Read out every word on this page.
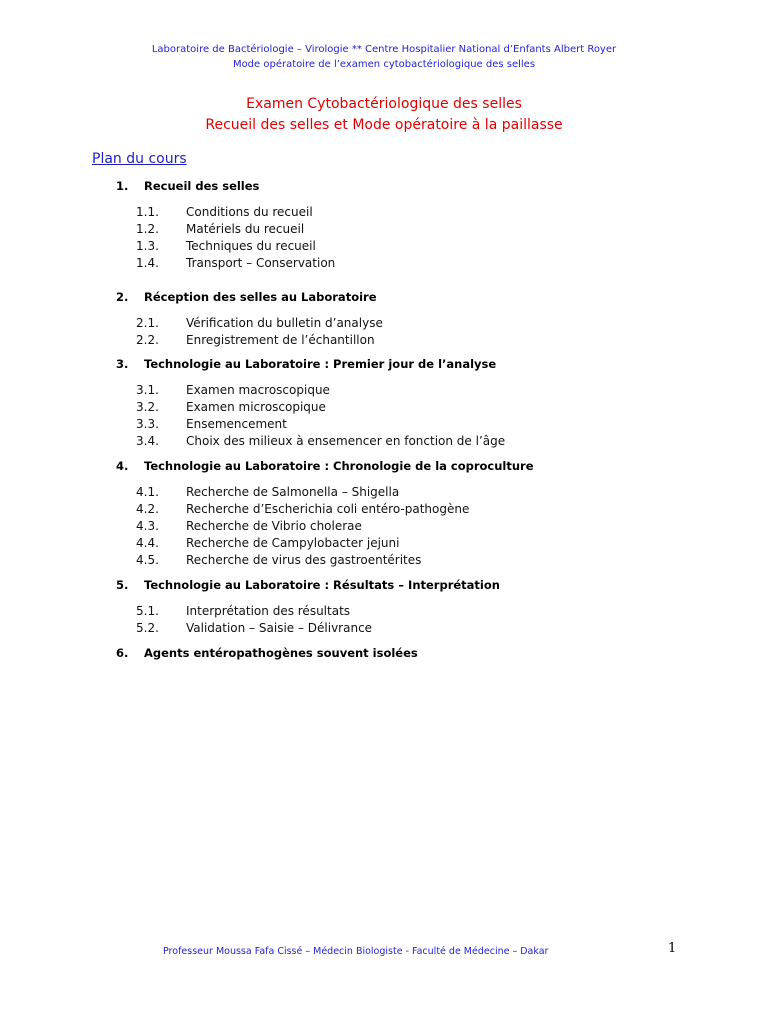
Laboratoire de Bactériologie – Virologie ** Centre Hospitalier National d’Enfants Albert Royer
Mode opératoire de l’examen cytobactériologique des selles
Examen Cytobactériologique des selles
Recueil des selles et Mode opératoire à la paillasse
Plan du cours
1. Recueil des selles
1.1. Conditions du recueil
1.2. Matériels du recueil
1.3. Techniques du recueil
1.4. Transport – Conservation
2. Réception des selles au Laboratoire
2.1. Vérification du bulletin d’analyse
2.2. Enregistrement de l’échantillon
3. Technologie au Laboratoire : Premier jour de l’analyse
3.1. Examen macroscopique
3.2. Examen microscopique
3.3. Ensemencement
3.4. Choix des milieux à ensemencer en fonction de l’âge
4. Technologie au Laboratoire : Chronologie de la coproculture
4.1. Recherche de Salmonella – Shigella
4.2. Recherche d’Escherichia coli entéro-pathogène
4.3. Recherche de Vibrio cholerae
4.4. Recherche de Campylobacter jejuni
4.5. Recherche de virus des gastroentérites
5. Technologie au Laboratoire : Résultats – Interprétation
5.1. Interprétation des résultats
5.2. Validation – Saisie – Délivrance
6. Agents entéropathogènes souvent isolées
Professeur Moussa Fafa Cissé – Médecin Biologiste - Faculté de Médecine – Dakar	1
